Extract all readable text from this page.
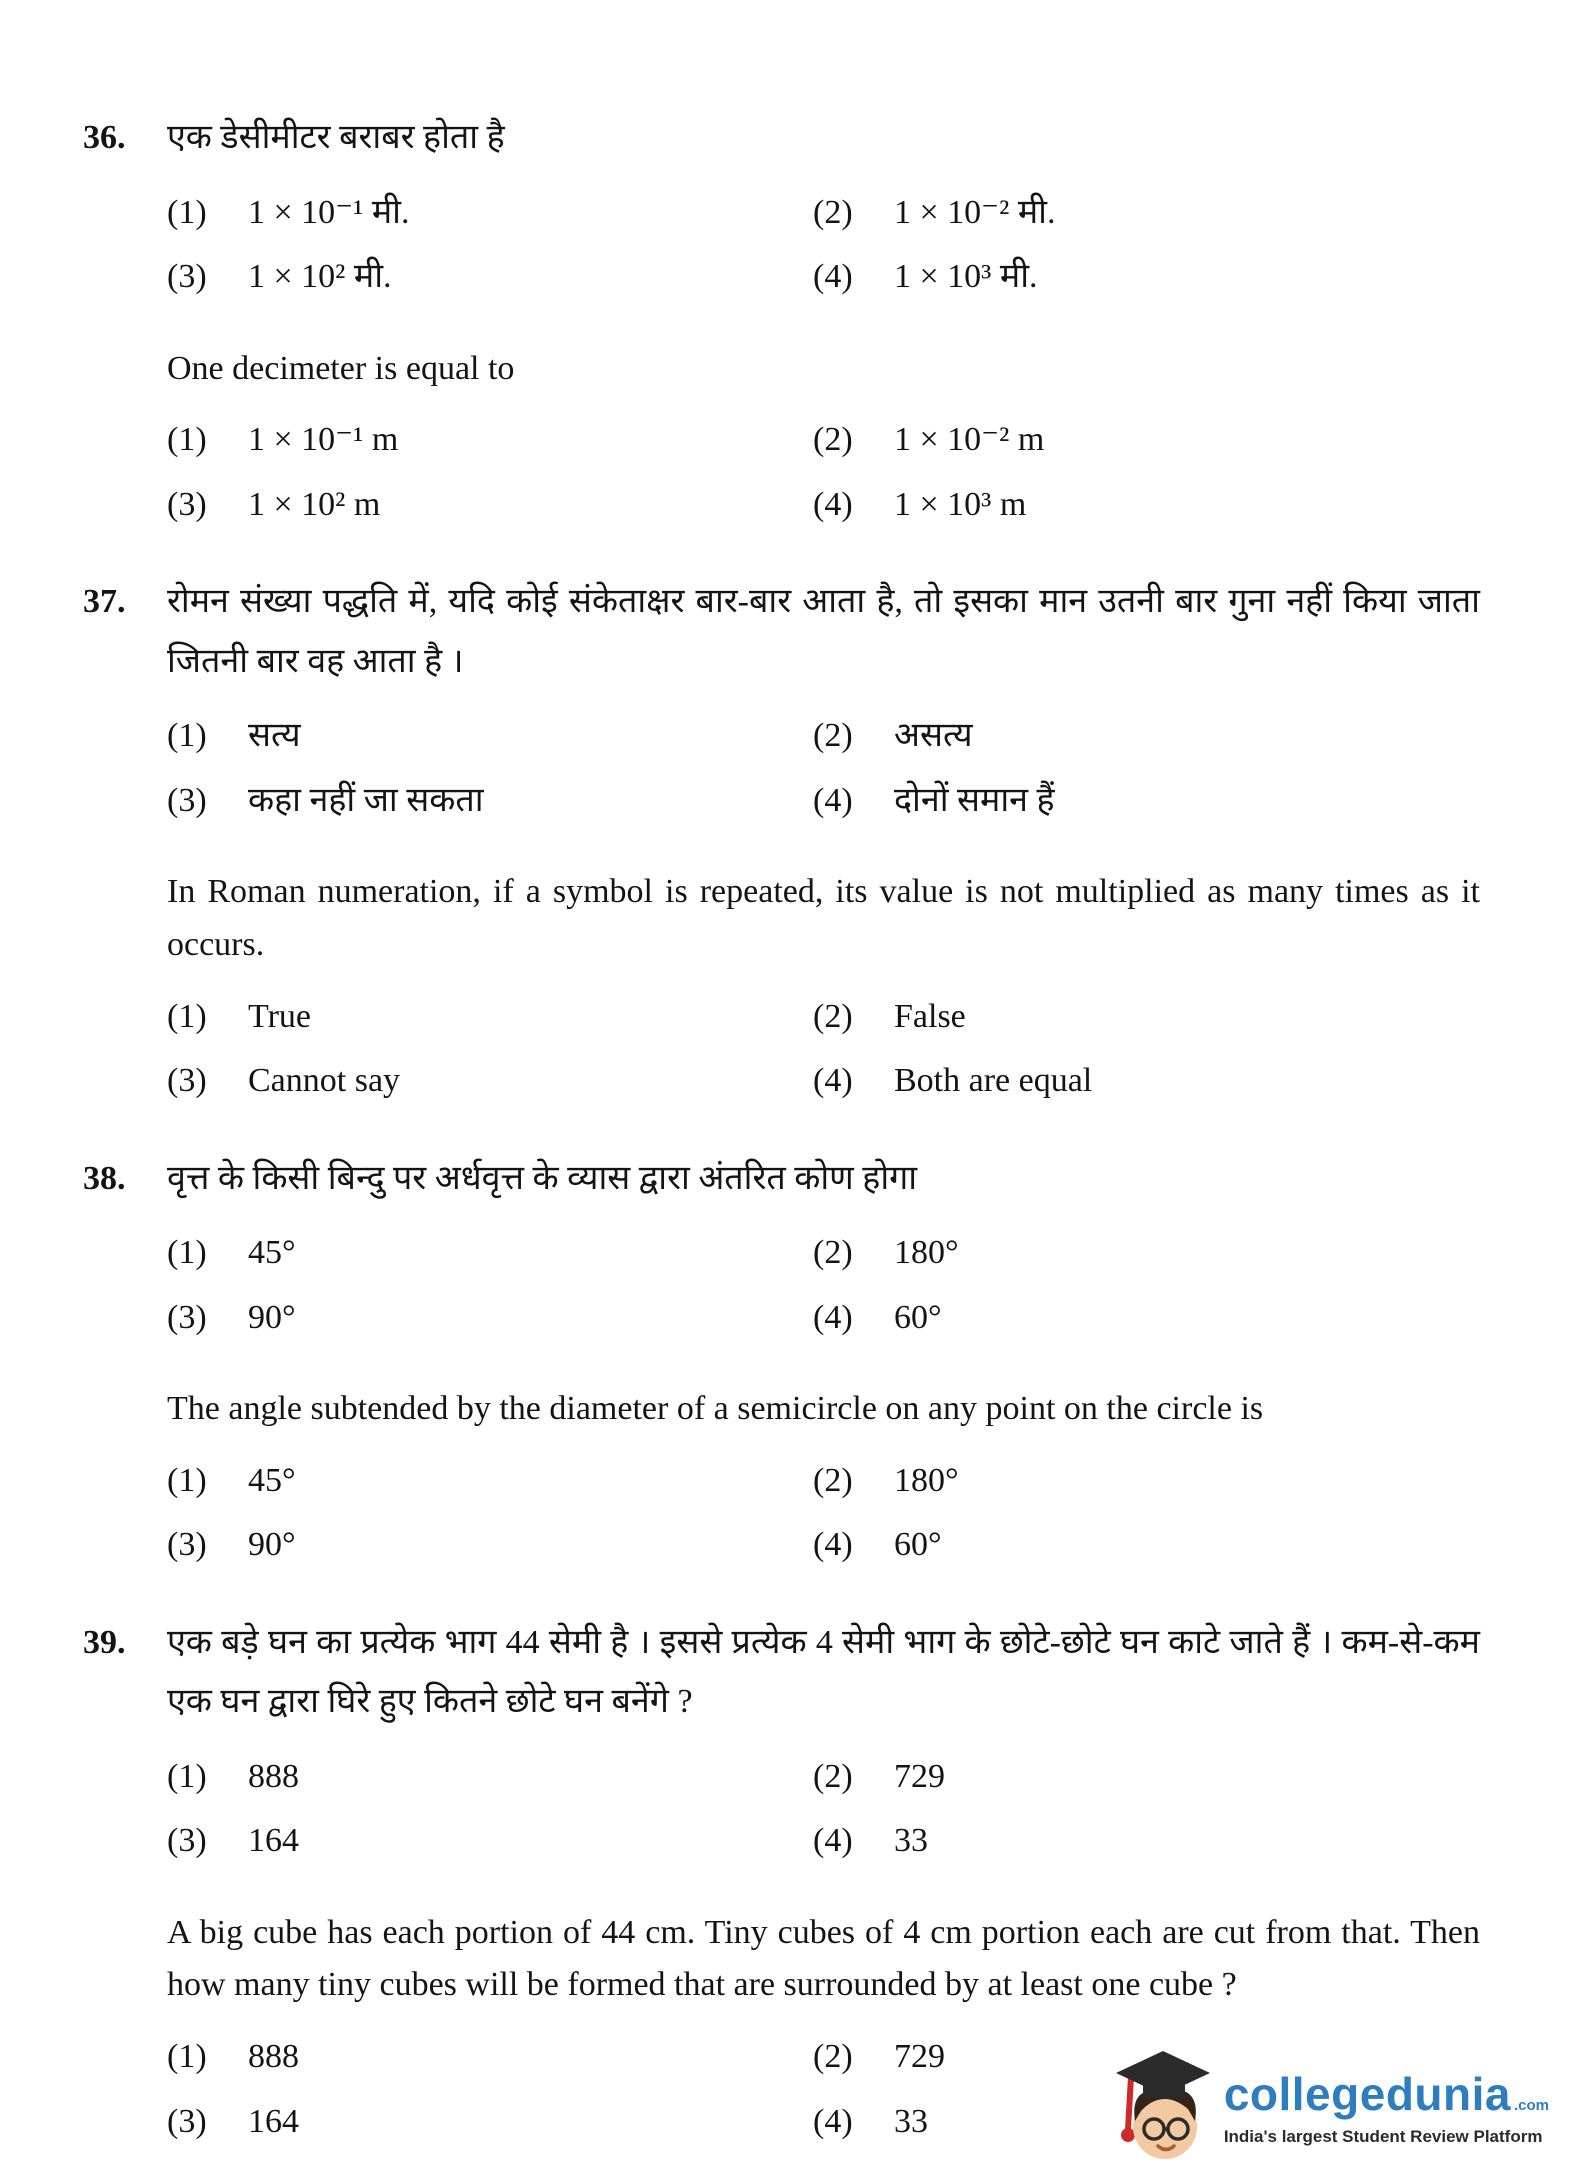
36.	एक डेसीमीटर बराबर होता है
(1)	1 × 10⁻¹ मी.	(2)	1 × 10⁻² मी.
(3)	1 × 10² मी.	(4)	1 × 10³ मी.
One decimeter is equal to
(1)	1 × 10⁻¹ m	(2)	1 × 10⁻² m
(3)	1 × 10² m	(4)	1 × 10³ m
37.	रोमन संख्या पद्धति में, यदि कोई संकेताक्षर बार-बार आता है, तो इसका मान उतनी बार गुना नहीं किया जाता जितनी बार वह आता है ।
(1)	सत्य	(2)	असत्य
(3)	कहा नहीं जा सकता	(4)	दोनों समान हैं
In Roman numeration, if a symbol is repeated, its value is not multiplied as many times as it occurs.
(1)	True	(2)	False
(3)	Cannot say	(4)	Both are equal
38.	वृत्त के किसी बिन्दु पर अर्धवृत्त के व्यास द्वारा अंतरित कोण होगा
(1)	45°	(2)	180°
(3)	90°	(4)	60°
The angle subtended by the diameter of a semicircle on any point on the circle is
(1)	45°	(2)	180°
(3)	90°	(4)	60°
39.	एक बड़े घन का प्रत्येक भाग 44 सेमी है । इससे प्रत्येक 4 सेमी भाग के छोटे-छोटे घन काटे जाते हैं । कम-से-कम एक घन द्वारा घिरे हुए कितने छोटे घन बनेंगे ?
(1)	888	(2)	729
(3)	164	(4)	33
A big cube has each portion of 44 cm. Tiny cubes of 4 cm portion each are cut from that. Then how many tiny cubes will be formed that are surrounded by at least one cube ?
(1)	888	(2)	729
(3)	164	(4)	33
collegedunia .com
India's largest Student Review Platform
